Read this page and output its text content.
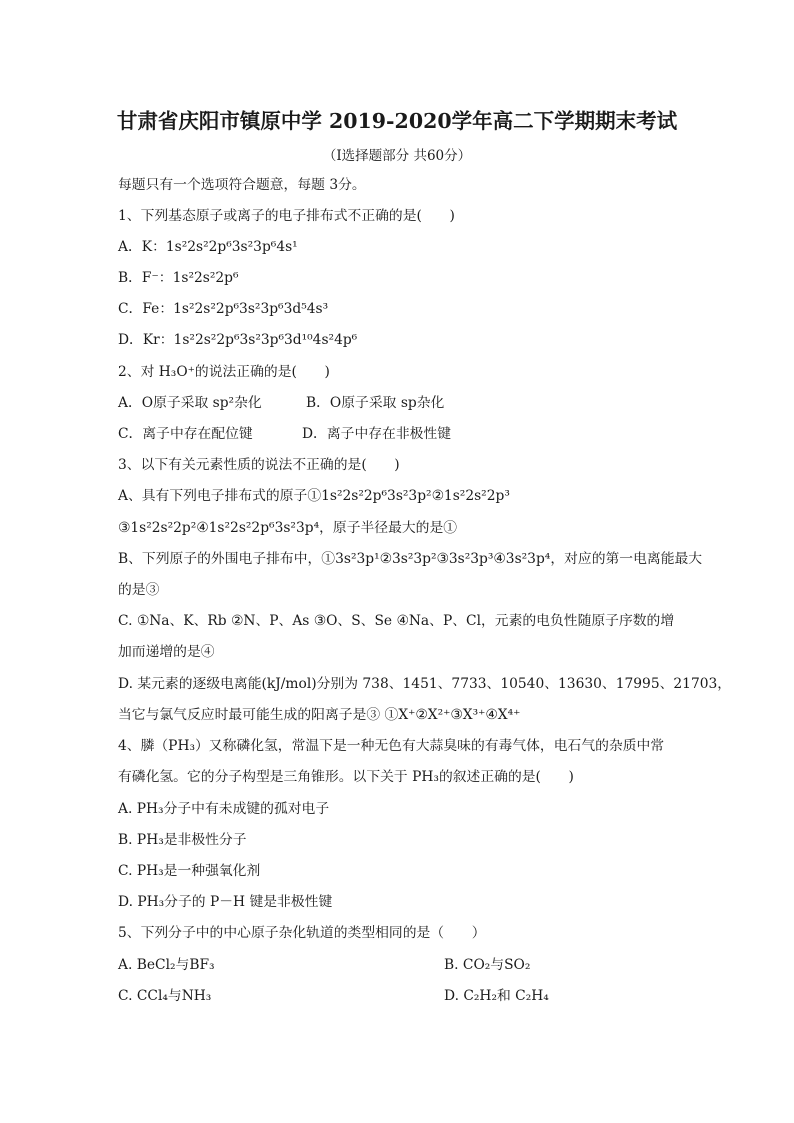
甘肃省庆阳市镇原中学 2019-2020学年高二下学期期末考试
（Ⅰ选择题部分 共60分）
每题只有一个选项符合题意，每题 3分。
1、下列基态原子或离子的电子排布式不正确的是(　　)
A．K：1s²2s²2p⁶3s²3p⁶4s¹
B．F⁻：1s²2s²2p⁶
C．Fe：1s²2s²2p⁶3s²3p⁶3d⁵4s³
D．Kr：1s²2s²2p⁶3s²3p⁶3d¹⁰4s²4p⁶
2、对 H₃O⁺的说法正确的是(　　)
A．O原子采取 sp²杂化	B．O原子采取 sp杂化
C．离子中存在配位键	D．离子中存在非极性键
3、以下有关元素性质的说法不正确的是(　　)
A、具有下列电子排布式的原子①1s²2s²2p⁶3s²3p²②1s²2s²2p³
③1s²2s²2p²④1s²2s²2p⁶3s²3p⁴，原子半径最大的是①
B、下列原子的外围电子排布中，①3s²3p¹②3s²3p²③3s²3p³④3s²3p⁴，对应的第一电离能最大
的是③
C. ①Na、K、Rb ②N、P、As ③O、S、Se ④Na、P、Cl，元素的电负性随原子序数的增
加而递增的是④
D. 某元素的逐级电离能(kJ/mol)分别为 738、1451、7733、10540、13630、17995、21703，
当它与氯气反应时最可能生成的阳离子是③ ①X⁺②X²⁺③X³⁺④X⁴⁺
4、膦（PH₃）又称磷化氢，常温下是一种无色有大蒜臭味的有毒气体，电石气的杂质中常
有磷化氢。它的分子构型是三角锥形。以下关于 PH₃的叙述正确的是(　　)
A. PH₃分子中有未成键的孤对电子
B. PH₃是非极性分子
C. PH₃是一种强氧化剂
D. PH₃分子的 P－H 键是非极性键
5、下列分子中的中心原子杂化轨道的类型相同的是（　　）
A. BeCl₂与BF₃	B. CO₂与SO₂
C. CCl₄与NH₃	D. C₂H₂和 C₂H₄
